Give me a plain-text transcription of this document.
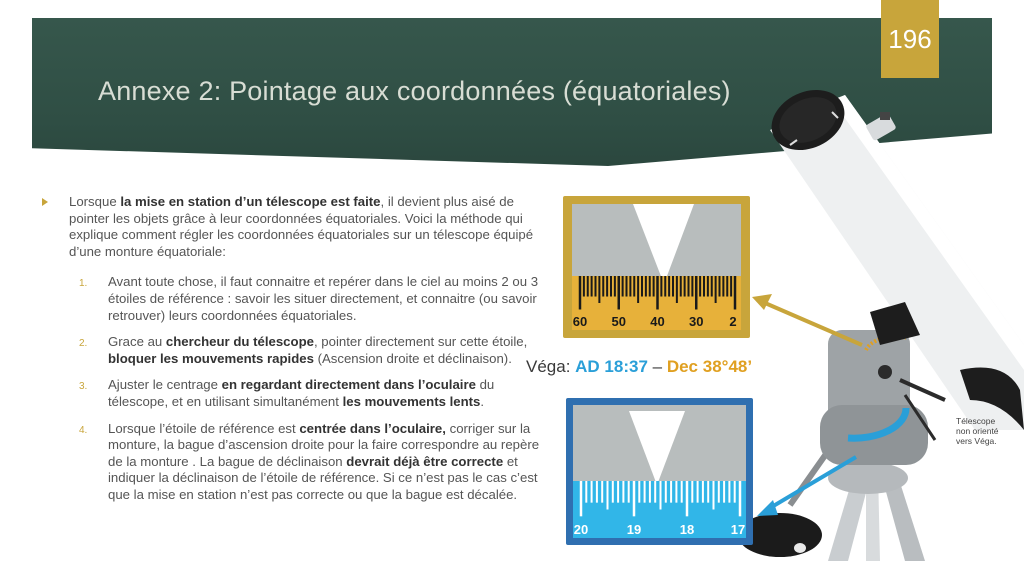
Annexe 2: Pointage aux coordonnées (équatoriales)
196
60 50 40 30 2
20	19	18	17
Lorsque la mise en station d’un télescope est faite, il devient plus aisé de pointer les objets grâce à leur coordonnées équatoriales. Voici la méthode qui explique comment régler les coordonnées équatoriales sur un télescope équipé d’une monture équatoriale:
1. Avant toute chose, il faut connaitre et repérer dans le ciel au moins 2 ou 3 étoiles de référence : savoir les situer directement, et connaitre (ou savoir retrouver) leurs coordonnées équatoriales.
2. Grace au chercheur du télescope, pointer directement sur cette étoile, bloquer les mouvements rapides (Ascension droite et déclinaison).
3. Ajuster le centrage en regardant directement dans l’oculaire du télescope, et en utilisant simultanément les mouvements lents.
4. Lorsque l’étoile de référence est centrée dans l’oculaire, corriger sur la monture, la bague d’ascension droite pour la faire correspondre au repère de la monture . La bague de déclinaison devrait déjà être correcte et indiquer la déclinaison de l’étoile de référence. Si ce n’est pas le cas c’est que la mise en station n’est pas correcte ou que la bague est décalée.
Véga: AD 18:37 – Dec 38°48’
Télescope
non orienté
vers Véga.
